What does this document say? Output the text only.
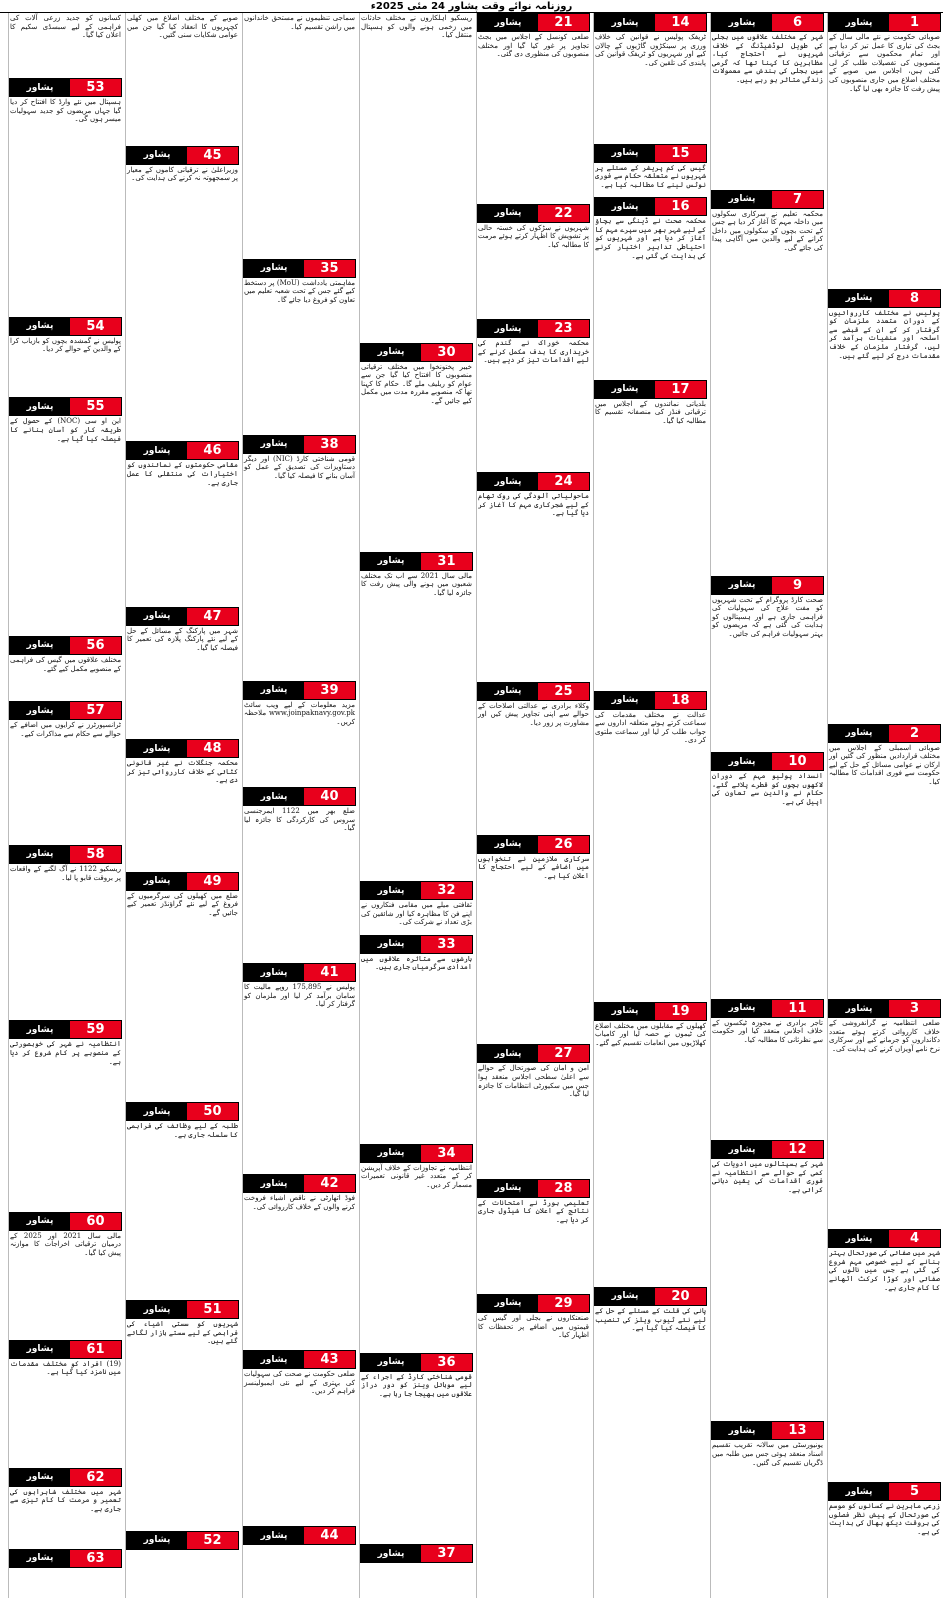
روزنامہ نوائے وقت پشاور 24 مئی 2025ء
1
پشاور
صوبائی حکومت نے نئے مالی سال کے بجٹ کی تیاری کا عمل تیز کر دیا ہے اور تمام محکموں سے ترقیاتی منصوبوں کی تفصیلات طلب کر لی گئی ہیں، اجلاس میں صوبے کے مختلف اضلاع میں جاری منصوبوں کی پیش رفت کا جائزہ بھی لیا گیا۔
8
پشاور
پولیس نے مختلف کارروائیوں کے دوران متعدد ملزمان کو گرفتار کر کے ان کے قبضے سے اسلحہ اور منشیات برآمد کر لیں، گرفتار ملزمان کے خلاف مقدمات درج کر لیے گئے ہیں۔
2
پشاور
صوبائی اسمبلی کے اجلاس میں مختلف قراردادیں منظور کی گئیں اور ارکان نے عوامی مسائل کے حل کے لیے حکومت سے فوری اقدامات کا مطالبہ کیا۔
3
پشاور
ضلعی انتظامیہ نے گرانفروشی کے خلاف کارروائی کرتے ہوئے متعدد دکانداروں کو جرمانے کیے اور سرکاری نرخ نامے آویزاں کرنے کی ہدایت کی۔
4
پشاور
شہر میں صفائی کی صورتحال بہتر بنانے کے لیے خصوصی مہم شروع کی گئی ہے جس میں نالوں کی صفائی اور کوڑا کرکٹ اٹھانے کا کام جاری ہے۔
5
پشاور
زرعی ماہرین نے کسانوں کو موسم کی صورتحال کے پیش نظر فصلوں کی بروقت دیکھ بھال کی ہدایت کی ہے۔
6
پشاور
شہر کے مختلف علاقوں میں بجلی کی طویل لوڈشیڈنگ کے خلاف شہریوں نے احتجاج کیا، مظاہرین کا کہنا تھا کہ گرمی میں بجلی کی بندش سے معمولات زندگی متاثر ہو رہے ہیں۔
7
پشاور
محکمہ تعلیم نے سرکاری سکولوں میں داخلہ مہم کا آغاز کر دیا ہے جس کے تحت بچوں کو سکولوں میں داخل کرانے کے لیے والدین میں آگاہی پیدا کی جائے گی۔
9
پشاور
صحت کارڈ پروگرام کے تحت شہریوں کو مفت علاج کی سہولیات کی فراہمی جاری ہے اور ہسپتالوں کو ہدایت کی گئی ہے کہ مریضوں کو بہتر سہولیات فراہم کی جائیں۔
10
پشاور
انسداد پولیو مہم کے دوران لاکھوں بچوں کو قطرے پلائے گئے، حکام نے والدین سے تعاون کی اپیل کی ہے۔
11
پشاور
تاجر برادری نے مجوزہ ٹیکسوں کے خلاف اجلاس منعقد کیا اور حکومت سے نظرثانی کا مطالبہ کیا۔
12
پشاور
شہر کے ہسپتالوں میں ادویات کی کمی کے حوالے سے انتظامیہ نے فوری اقدامات کی یقین دہانی کرائی ہے۔
13
پشاور
یونیورسٹی میں سالانہ تقریب تقسیم اسناد منعقد ہوئی جس میں طلبہ میں ڈگریاں تقسیم کی گئیں۔
14
پشاور
ٹریفک پولیس نے قوانین کی خلاف ورزی پر سینکڑوں گاڑیوں کے چالان کیے اور شہریوں کو ٹریفک قوانین کی پابندی کی تلقین کی۔
15
پشاور
گیس کی کم پریشر کے مسئلے پر شہریوں نے متعلقہ حکام سے فوری نوٹس لینے کا مطالبہ کیا ہے۔
16
پشاور
محکمہ صحت نے ڈینگی سے بچاؤ کے لیے شہر بھر میں سپرے مہم کا آغاز کر دیا ہے اور شہریوں کو احتیاطی تدابیر اختیار کرنے کی ہدایت کی گئی ہے۔
17
پشاور
بلدیاتی نمائندوں کے اجلاس میں ترقیاتی فنڈز کی منصفانہ تقسیم کا مطالبہ کیا گیا۔
18
پشاور
عدالت نے مختلف مقدمات کی سماعت کرتے ہوئے متعلقہ اداروں سے جواب طلب کر لیا اور سماعت ملتوی کر دی۔
19
پشاور
کھیلوں کے مقابلوں میں مختلف اضلاع کی ٹیموں نے حصہ لیا اور کامیاب کھلاڑیوں میں انعامات تقسیم کیے گئے۔
20
پشاور
پانی کی قلت کے مسئلے کے حل کے لیے نئے ٹیوب ویلز کی تنصیب کا فیصلہ کیا گیا ہے۔
21
پشاور
ضلعی کونسل کے اجلاس میں بجٹ تجاویز پر غور کیا گیا اور مختلف منصوبوں کی منظوری دی گئی۔
22
پشاور
شہریوں نے سڑکوں کی خستہ حالی پر تشویش کا اظہار کرتے ہوئے مرمت کا مطالبہ کیا۔
23
پشاور
محکمہ خوراک نے گندم کی خریداری کا ہدف مکمل کرنے کے لیے اقدامات تیز کر دیے ہیں۔
24
پشاور
ماحولیاتی آلودگی کی روک تھام کے لیے شجرکاری مہم کا آغاز کر دیا گیا ہے۔
25
پشاور
وکلاء برادری نے عدالتی اصلاحات کے حوالے سے اپنی تجاویز پیش کیں اور مشاورت پر زور دیا۔
26
پشاور
سرکاری ملازمین نے تنخواہوں میں اضافے کے لیے احتجاج کا اعلان کیا ہے۔
27
پشاور
امن و امان کی صورتحال کے حوالے سے اعلیٰ سطحی اجلاس منعقد ہوا جس میں سکیورٹی انتظامات کا جائزہ لیا گیا۔
28
پشاور
تعلیمی بورڈ نے امتحانات کے نتائج کے اعلان کا شیڈول جاری کر دیا ہے۔
29
پشاور
صنعتکاروں نے بجلی اور گیس کی قیمتوں میں اضافے پر تحفظات کا اظہار کیا۔
ریسکیو اہلکاروں نے مختلف حادثات میں زخمی ہونے والوں کو ہسپتال منتقل کیا۔
30
پشاور
خیبر پختونخوا میں مختلف ترقیاتی منصوبوں کا افتتاح کیا گیا جن سے عوام کو ریلیف ملے گا۔ حکام کا کہنا تھا کہ منصوبے مقررہ مدت میں مکمل کیے جائیں گے۔
31
پشاور
مالی سال 2021 سے اب تک مختلف شعبوں میں ہونے والی پیش رفت کا جائزہ لیا گیا۔
32
پشاور
ثقافتی میلے میں مقامی فنکاروں نے اپنے فن کا مظاہرہ کیا اور شائقین کی بڑی تعداد نے شرکت کی۔
33
پشاور
بارشوں سے متاثرہ علاقوں میں امدادی سرگرمیاں جاری ہیں۔
34
پشاور
انتظامیہ نے تجاوزات کے خلاف آپریشن کر کے متعدد غیر قانونی تعمیرات مسمار کر دیں۔
36
پشاور
قومی شناختی کارڈ کے اجراء کے لیے موبائل وینز کو دور دراز علاقوں میں بھیجا جا رہا ہے۔
37
پشاور
سماجی تنظیموں نے مستحق خاندانوں میں راشن تقسیم کیا۔
35
پشاور
مفاہمتی یادداشت (MoU) پر دستخط کیے گئے جس کے تحت شعبہ تعلیم میں تعاون کو فروغ دیا جائے گا۔
38
پشاور
قومی شناختی کارڈ (NIC) اور دیگر دستاویزات کی تصدیق کے عمل کو آسان بنانے کا فیصلہ کیا گیا۔
39
پشاور
مزید معلومات کے لیے ویب سائٹ www.joinpaknavy.gov.pk ملاحظہ کریں۔
40
پشاور
ضلع بھر میں 1122 ایمرجنسی سروس کی کارکردگی کا جائزہ لیا گیا۔
41
پشاور
پولیس نے 175,895 روپے مالیت کا سامان برآمد کر لیا اور ملزمان کو گرفتار کر لیا۔
42
پشاور
فوڈ اتھارٹی نے ناقص اشیاء فروخت کرنے والوں کے خلاف کارروائی کی۔
43
پشاور
ضلعی حکومت نے صحت کی سہولیات کی بہتری کے لیے نئی ایمبولینسز فراہم کر دیں۔
44
پشاور
صوبے کے مختلف اضلاع میں کھلی کچہریوں کا انعقاد کیا گیا جن میں عوامی شکایات سنی گئیں۔
45
پشاور
وزیراعلیٰ نے ترقیاتی کاموں کے معیار پر سمجھوتہ نہ کرنے کی ہدایت کی۔
46
پشاور
مقامی حکومتوں کے نمائندوں کو اختیارات کی منتقلی کا عمل جاری ہے۔
47
پشاور
شہر میں پارکنگ کے مسائل کے حل کے لیے نئے پارکنگ پلازہ کی تعمیر کا فیصلہ کیا گیا۔
48
پشاور
محکمہ جنگلات نے غیر قانونی کٹائی کے خلاف کارروائی تیز کر دی ہے۔
49
پشاور
ضلع میں کھیلوں کی سرگرمیوں کے فروغ کے لیے نئے گراؤنڈز تعمیر کیے جائیں گے۔
50
پشاور
طلبہ کے لیے وظائف کی فراہمی کا سلسلہ جاری ہے۔
51
پشاور
شہریوں کو سستی اشیاء کی فراہمی کے لیے سستے بازار لگائے گئے ہیں۔
52
پشاور
کسانوں کو جدید زرعی آلات کی فراہمی کے لیے سبسڈی سکیم کا اعلان کیا گیا۔
53
پشاور
ہسپتال میں نئے وارڈ کا افتتاح کر دیا گیا جہاں مریضوں کو جدید سہولیات میسر ہوں گی۔
54
پشاور
پولیس نے گمشدہ بچوں کو بازیاب کرا کے والدین کے حوالے کر دیا۔
55
پشاور
این او سی (NOC) کے حصول کے طریقہ کار کو آسان بنانے کا فیصلہ کیا گیا ہے۔
56
پشاور
مختلف علاقوں میں گیس کی فراہمی کے منصوبے مکمل کیے گئے۔
57
پشاور
ٹرانسپورٹرز نے کرایوں میں اضافے کے حوالے سے حکام سے مذاکرات کیے۔
58
پشاور
ریسکیو 1122 نے آگ لگنے کے واقعات پر بروقت قابو پا لیا۔
59
پشاور
انتظامیہ نے شہر کی خوبصورتی کے منصوبے پر کام شروع کر دیا ہے۔
60
پشاور
مالی سال 2021 اور 2025 کے درمیان ترقیاتی اخراجات کا موازنہ پیش کیا گیا۔
61
پشاور
(19) افراد کو مختلف مقدمات میں نامزد کیا گیا ہے۔
62
پشاور
شہر میں مختلف شاہراہوں کی تعمیر و مرمت کا کام تیزی سے جاری ہے۔
63
پشاور
